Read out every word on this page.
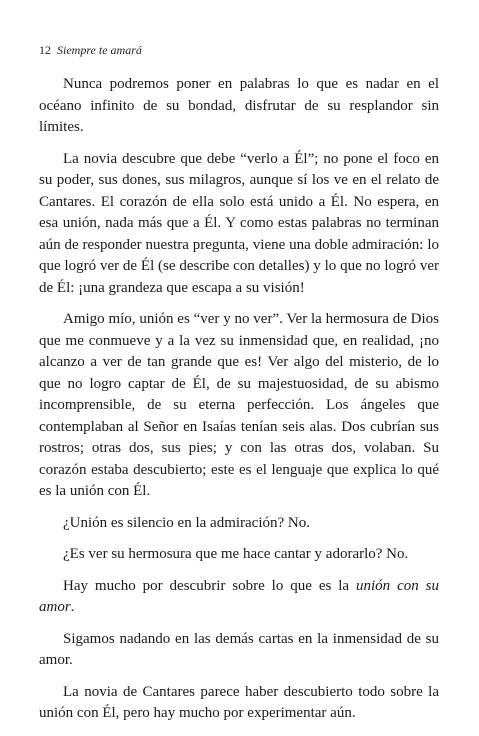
12 Siempre te amará

Nunca podremos poner en palabras lo que es nadar en el océano infinito de su bondad, disfrutar de su resplandor sin límites.

La novia descubre que debe “verlo a Él”; no pone el foco en su poder, sus dones, sus milagros, aunque sí los ve en el relato de Cantares. El corazón de ella solo está unido a Él. No espera, en esa unión, nada más que a Él. Y como estas palabras no terminan aún de responder nuestra pregunta, viene una doble admiración: lo que logró ver de Él (se describe con detalles) y lo que no logró ver de Él: ¡una grandeza que escapa a su visión!

Amigo mío, unión es “ver y no ver”. Ver la hermosura de Dios que me conmueve y a la vez su inmensidad que, en realidad, ¡no alcanzo a ver de tan grande que es! Ver algo del misterio, de lo que no logro captar de Él, de su majestuosidad, de su abismo incomprensible, de su eterna perfección. Los ángeles que contemplaban al Señor en Isaías tenían seis alas. Dos cubrían sus rostros; otras dos, sus pies; y con las otras dos, volaban. Su corazón estaba descubierto; este es el lenguaje que explica lo qué es la unión con Él.

¿Unión es silencio en la admiración? No.

¿Es ver su hermosura que me hace cantar y adorarlo? No.

Hay mucho por descubrir sobre lo que es la unión con su amor.

Sigamos nadando en las demás cartas en la inmensidad de su amor.

La novia de Cantares parece haber descubierto todo sobre la unión con Él, pero hay mucho por experimentar aún.
